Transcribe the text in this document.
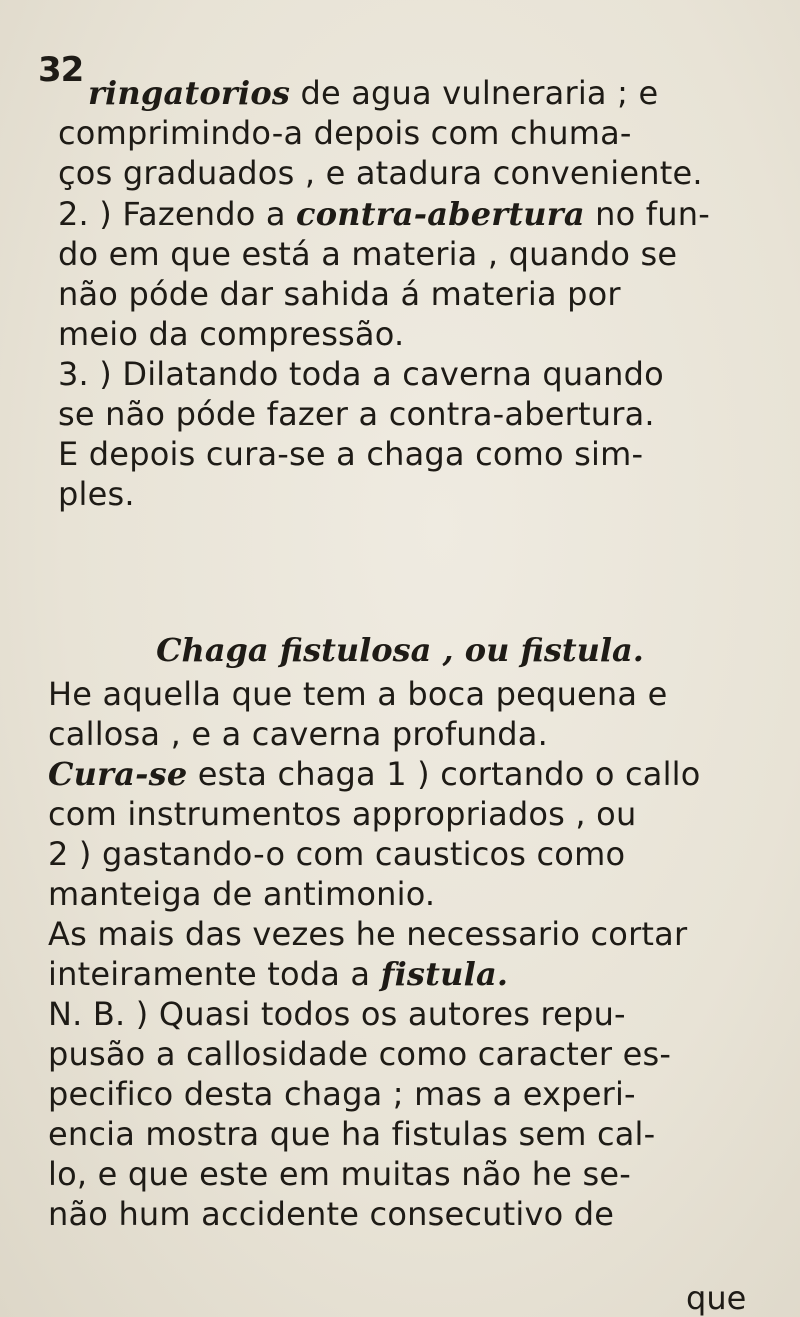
32
ringatorios de agua vulneraria ; e
comprimindo-a depois com chuma-
ços graduados , e atadura conveniente.
2. ) Fazendo a contra-abertura no fun-
do em que está a materia , quando se
não póde dar sahida á materia por
meio da compressão.
3. ) Dilatando toda a caverna quando
se não póde fazer a contra-abertura.
E depois cura-se a chaga como sim-
ples.
He aquella que tem a boca pequena e
callosa , e a caverna profunda.
Cura-se esta chaga 1 ) cortando o callo
com instrumentos appropriados , ou
2 ) gastando-o com causticos como
manteiga de antimonio.
As mais das vezes he necessario cortar
inteiramente toda a fistula.
N. B. ) Quasi todos os autores repu-
pusão a callosidade como caracter es-
pecifico desta chaga ; mas a experi-
encia mostra que ha fistulas sem cal-
lo, e que este em muitas não he se-
não hum accidente consecutivo de
Chaga fistulosa , ou fistula.
que
